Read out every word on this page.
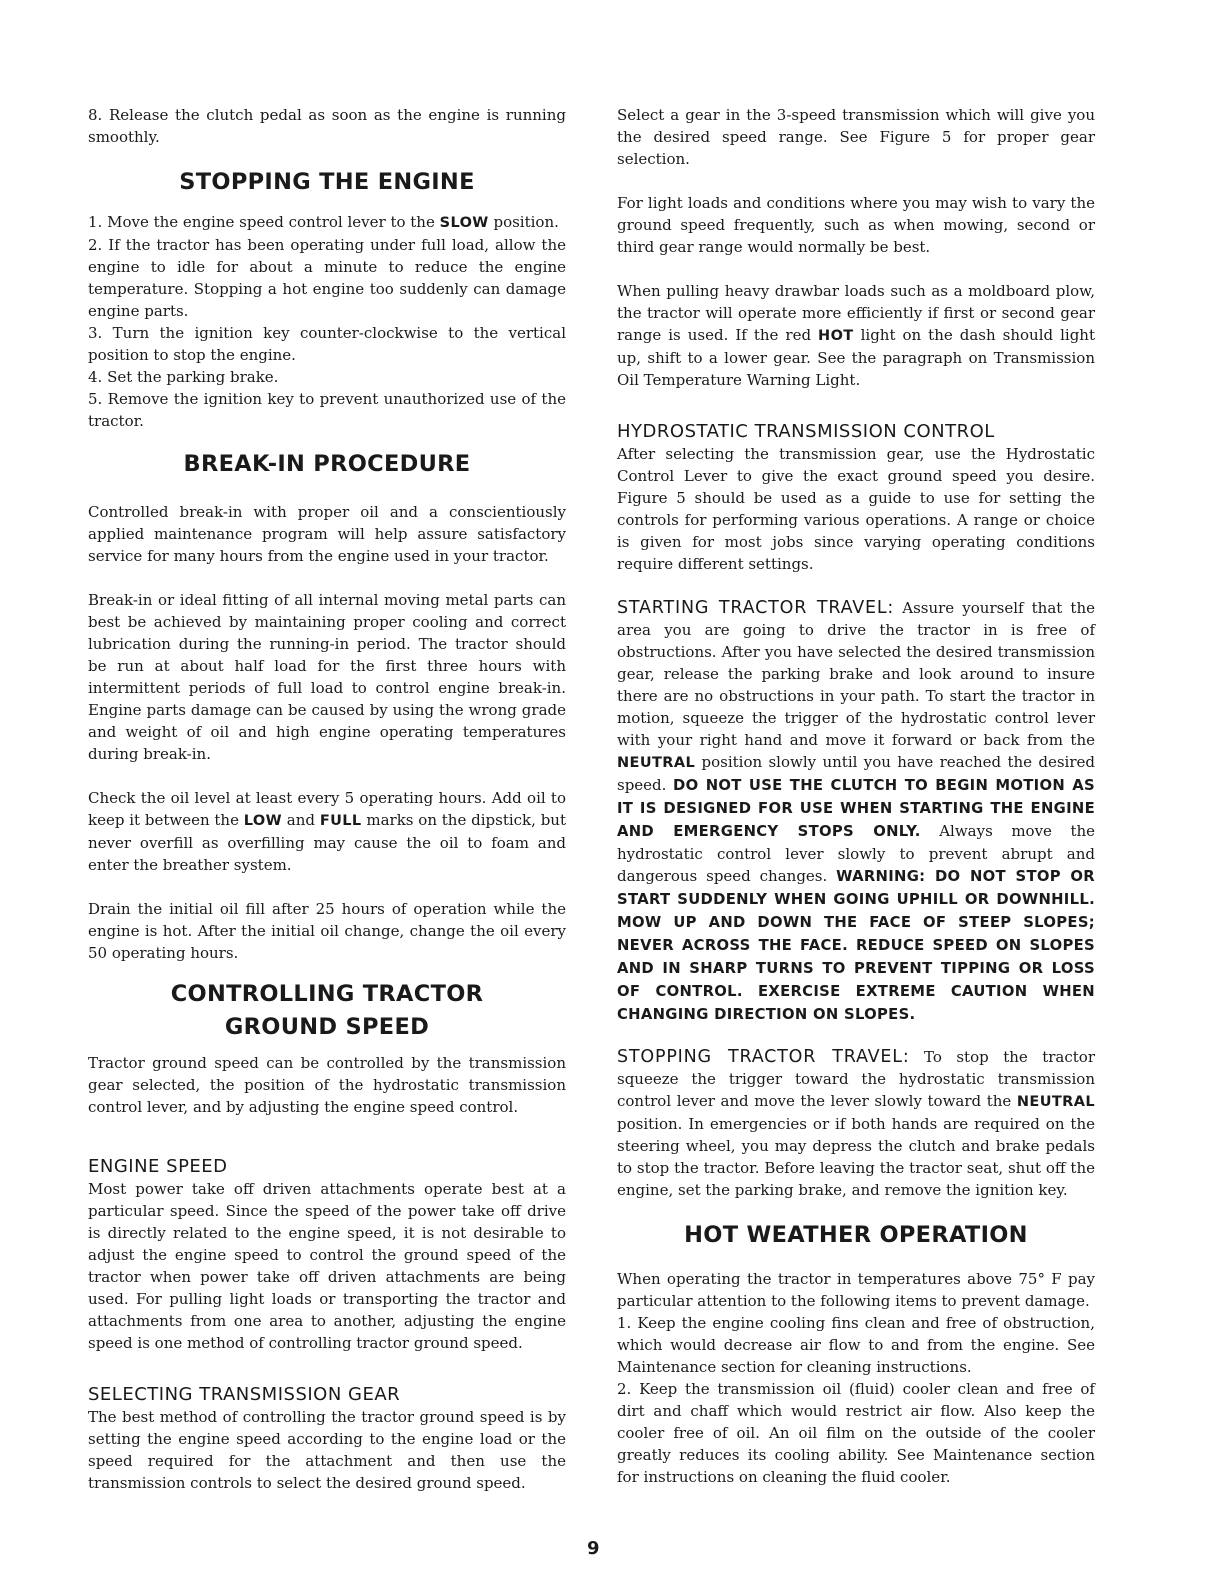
8. Release the clutch pedal as soon as the engine is running smoothly.

STOPPING THE ENGINE

1. Move the engine speed control lever to the SLOW position.

2. If the tractor has been operating under full load, allow the engine to idle for about a minute to reduce the engine temperature. Stopping a hot engine too suddenly can damage engine parts.

3. Turn the ignition key counter-clockwise to the vertical position to stop the engine.

4. Set the parking brake.

5. Remove the ignition key to prevent unauthorized use of the tractor.

BREAK-IN PROCEDURE

Controlled break-in with proper oil and a conscientiously applied maintenance program will help assure satisfactory service for many hours from the engine used in your tractor.

Break-in or ideal fitting of all internal moving metal parts can best be achieved by maintaining proper cooling and correct lubrication during the running-in period. The tractor should be run at about half load for the first three hours with intermittent periods of full load to control engine break-in. Engine parts damage can be caused by using the wrong grade and weight of oil and high engine operating temperatures during break-in.

Check the oil level at least every 5 operating hours. Add oil to keep it between the LOW and FULL marks on the dipstick, but never overfill as overfilling may cause the oil to foam and enter the breather system.

Drain the initial oil fill after 25 hours of operation while the engine is hot. After the initial oil change, change the oil every 50 operating hours.

CONTROLLING TRACTOR
GROUND SPEED

Tractor ground speed can be controlled by the transmission gear selected, the position of the hydrostatic transmission control lever, and by adjusting the engine speed control.

ENGINE SPEED

Most power take off driven attachments operate best at a particular speed. Since the speed of the power take off drive is directly related to the engine speed, it is not desirable to adjust the engine speed to control the ground speed of the tractor when power take off driven attachments are being used. For pulling light loads or transporting the tractor and attachments from one area to another, adjusting the engine speed is one method of controlling tractor ground speed.

SELECTING TRANSMISSION GEAR

The best method of controlling the tractor ground speed is by setting the engine speed according to the engine load or the speed required for the attachment and then use the transmission controls to select the desired ground speed.

Select a gear in the 3-speed transmission which will give you the desired speed range. See Figure 5 for proper gear selection.

For light loads and conditions where you may wish to vary the ground speed frequently, such as when mowing, second or third gear range would normally be best.

When pulling heavy drawbar loads such as a moldboard plow, the tractor will operate more efficiently if first or second gear range is used. If the red HOT light on the dash should light up, shift to a lower gear. See the paragraph on Transmission Oil Temperature Warning Light.

HYDROSTATIC TRANSMISSION CONTROL

After selecting the transmission gear, use the Hydrostatic Control Lever to give the exact ground speed you desire. Figure 5 should be used as a guide to use for setting the controls for performing various operations. A range or choice is given for most jobs since varying operating conditions require different settings.

STARTING TRACTOR TRAVEL: Assure yourself that the area you are going to drive the tractor in is free of obstructions. After you have selected the desired transmission gear, release the parking brake and look around to insure there are no obstructions in your path. To start the tractor in motion, squeeze the trigger of the hydrostatic control lever with your right hand and move it forward or back from the NEUTRAL position slowly until you have reached the desired speed. DO NOT USE THE CLUTCH TO BEGIN MOTION AS IT IS DESIGNED FOR USE WHEN STARTING THE ENGINE AND EMERGENCY STOPS ONLY. Always move the hydrostatic control lever slowly to prevent abrupt and dangerous speed changes. WARNING: DO NOT STOP OR START SUDDENLY WHEN GOING UPHILL OR DOWNHILL. MOW UP AND DOWN THE FACE OF STEEP SLOPES; NEVER ACROSS THE FACE. REDUCE SPEED ON SLOPES AND IN SHARP TURNS TO PREVENT TIPPING OR LOSS OF CONTROL. EXERCISE EXTREME CAUTION WHEN CHANGING DIRECTION ON SLOPES.

STOPPING TRACTOR TRAVEL: To stop the tractor squeeze the trigger toward the hydrostatic transmission control lever and move the lever slowly toward the NEUTRAL position. In emergencies or if both hands are required on the steering wheel, you may depress the clutch and brake pedals to stop the tractor. Before leaving the tractor seat, shut off the engine, set the parking brake, and remove the ignition key.

HOT WEATHER OPERATION

When operating the tractor in temperatures above 75° F pay particular attention to the following items to prevent damage.

1. Keep the engine cooling fins clean and free of obstruction, which would decrease air flow to and from the engine. See Maintenance section for cleaning instructions.

2. Keep the transmission oil (fluid) cooler clean and free of dirt and chaff which would restrict air flow. Also keep the cooler free of oil. An oil film on the outside of the cooler greatly reduces its cooling ability. See Maintenance section for instructions on cleaning the fluid cooler.

9
